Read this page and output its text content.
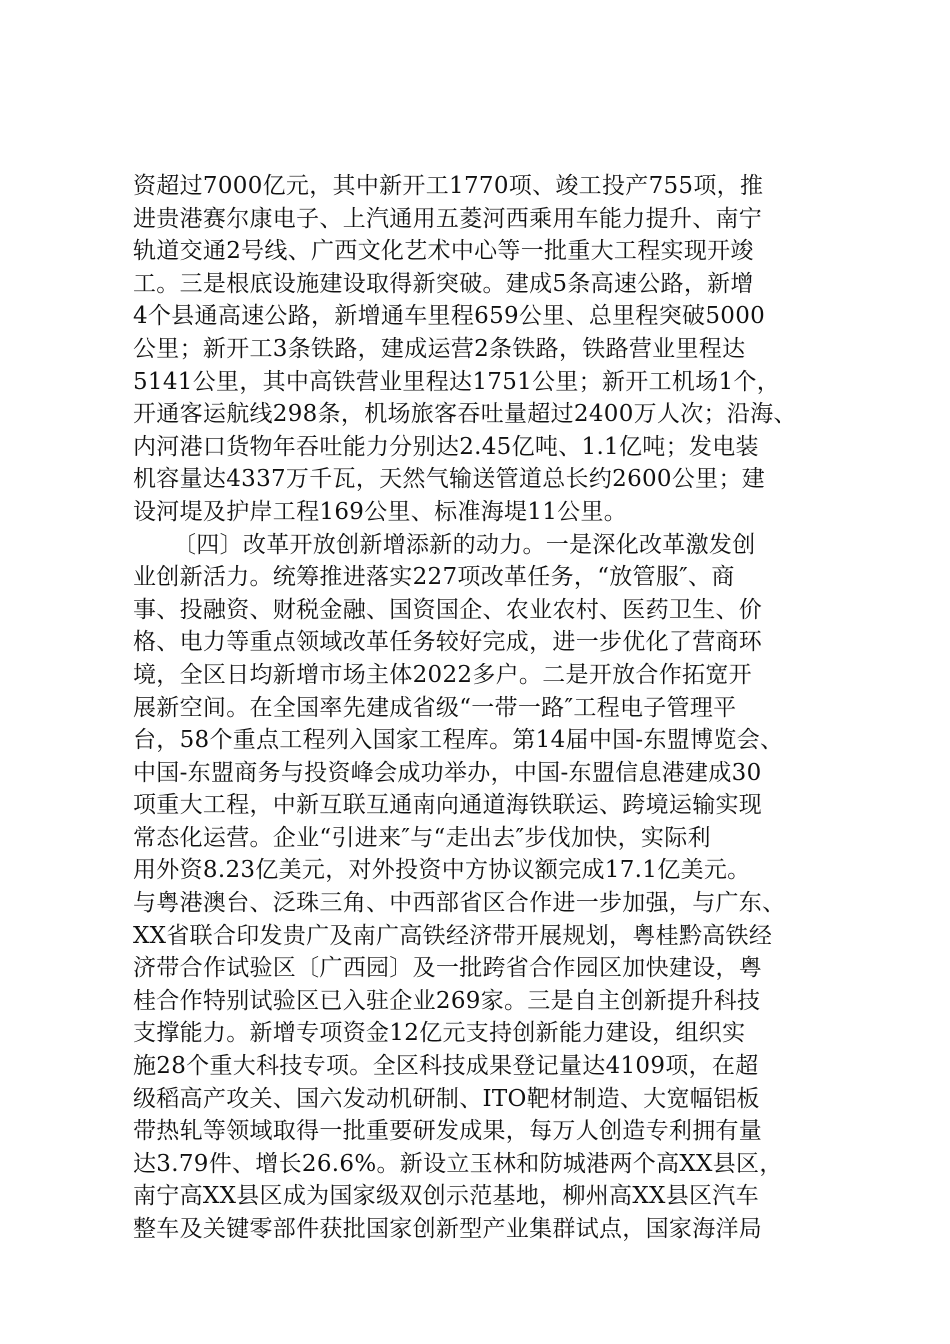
资超过7000亿元，其中新开工1770项、竣工投产755项，推
进贵港赛尔康电子、上汽通用五菱河西乘用车能力提升、南宁
轨道交通2号线、广西文化艺术中心等一批重大工程实现开竣
工。三是根底设施建设取得新突破。建成5条高速公路，新增
4个县通高速公路，新增通车里程659公里、总里程突破5000
公里；新开工3条铁路，建成运营2条铁路，铁路营业里程达
5141公里，其中高铁营业里程达1751公里；新开工机场1个，
开通客运航线298条，机场旅客吞吐量超过2400万人次；沿海、
内河港口货物年吞吐能力分别达2.45亿吨、1.1亿吨；发电装
机容量达4337万千瓦，天然气输送管道总长约2600公里；建
设河堤及护岸工程169公里、标准海堤11公里。
〔四〕改革开放创新增添新的动力。一是深化改革激发创
业创新活力。统筹推进落实227项改革任务，“放管服″、商
事、投融资、财税金融、国资国企、农业农村、医药卫生、价
格、电力等重点领域改革任务较好完成，进一步优化了营商环
境，全区日均新增市场主体2022多户。二是开放合作拓宽开
展新空间。在全国率先建成省级“一带一路″工程电子管理平
台，58个重点工程列入国家工程库。第14届中国-东盟博览会、
中国-东盟商务与投资峰会成功举办，中国-东盟信息港建成30
项重大工程，中新互联互通南向通道海铁联运、跨境运输实现
常态化运营。企业“引进来″与“走出去″步伐加快，实际利
用外资8.23亿美元，对外投资中方协议额完成17.1亿美元。
与粤港澳台、泛珠三角、中西部省区合作进一步加强，与广东、
XX省联合印发贵广及南广高铁经济带开展规划，粤桂黔高铁经
济带合作试验区〔广西园〕及一批跨省合作园区加快建设，粤
桂合作特别试验区已入驻企业269家。三是自主创新提升科技
支撑能力。新增专项资金12亿元支持创新能力建设，组织实
施28个重大科技专项。全区科技成果登记量达4109项，在超
级稻高产攻关、国六发动机研制、ITO靶材制造、大宽幅铝板
带热轧等领域取得一批重要研发成果，每万人创造专利拥有量
达3.79件、增长26.6%。新设立玉林和防城港两个高XX县区，
南宁高XX县区成为国家级双创示范基地，柳州高XX县区汽车
整车及关键零部件获批国家创新型产业集群试点，国家海洋局
